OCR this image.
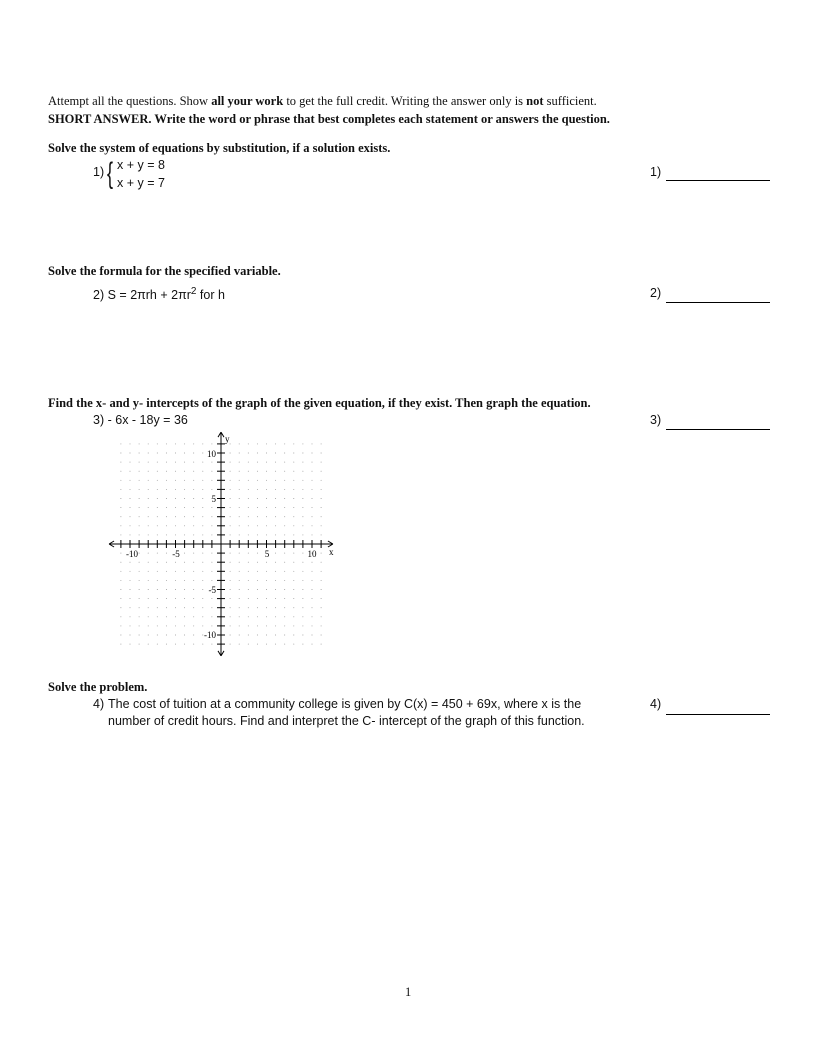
Attempt all the questions. Show all your work to get the full credit. Writing the answer only is not sufficient.
SHORT ANSWER. Write the word or phrase that best completes each statement or answers the question.
Solve the system of equations by substitution, if a solution exists.
1) { x + y = 8
x + y = 7
1)
Solve the formula for the specified variable.
2) $S = 2\pi rh + 2\pi r^2$ for h	2)
Find the x- and y- intercepts of the graph of the given equation, if they exist. Then graph the equation.
3) - 6x - 18y = 36	3)
x
y
-10	-5	5	10
10
5
-5
-10
Solve the problem.
4) The cost of tuition at a community college is given by C(x) = 450 + 69x, where x is the
number of credit hours. Find and interpret the C- intercept of the graph of this function.
4)
1
